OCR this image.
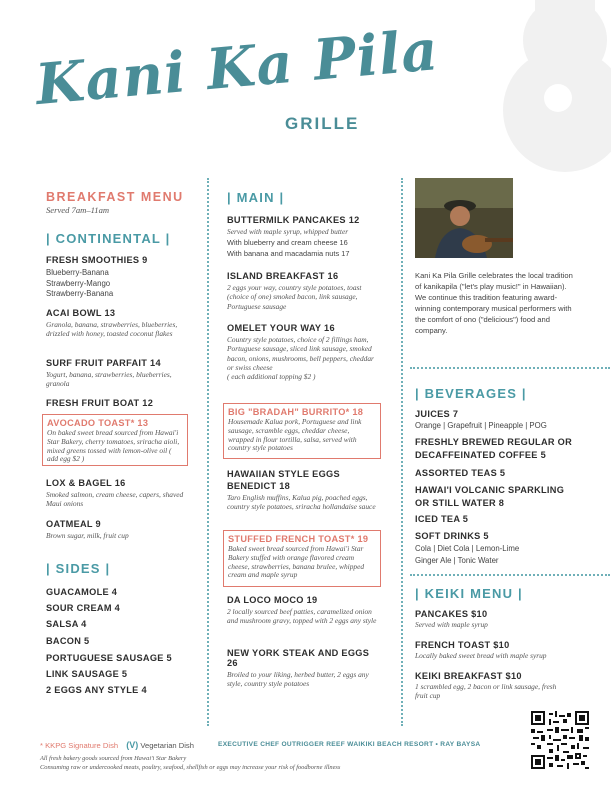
Kani Ka Pila
GRILLE
BREAKFAST MENU
Served 7am–11am
| CONTINENTAL |
FRESH SMOOTHIES 9
Blueberry-Banana
Strawberry-Mango
Strawberry-Banana
ACAI BOWL 13
Granola, banana, strawberries, blueberries, drizzled with honey, toasted coconut flakes
SURF FRUIT PARFAIT 14
Yogurt, banana, strawberries, blueberries, granola
FRESH FRUIT BOAT 12
AVOCADO TOAST* 13
On baked sweet bread sourced from Hawai'i Star Bakery, cherry tomatoes, sriracha aioli, mixed greens tossed with lemon-olive oil ( add egg $2 )
LOX & BAGEL 16
Smoked salmon, cream cheese, capers, shaved Maui onions
OATMEAL 9
Brown sugar, milk, fruit cup
| SIDES |
GUACAMOLE 4
SOUR CREAM 4
SALSA 4
BACON 5
PORTUGUESE SAUSAGE 5
LINK SAUSAGE 5
2 EGGS ANY STYLE 4
| MAIN |
BUTTERMILK PANCAKES 12
Served with maple syrup, whipped butter
With blueberry and cream cheese 16
With banana and macadamia nuts 17
ISLAND BREAKFAST 16
2 eggs your way, country style potatoes, toast (choice of one) smoked bacon, link sausage, Portuguese sausage
OMELET YOUR WAY 16
Country style potatoes, choice of 2 fillings ham, Portuguese sausage, sliced link sausage, smoked bacon, onions, mushrooms, bell peppers, cheddar or swiss cheese
( each additional topping $2 )
BIG "BRADAH" BURRITO* 18
Housemade Kalua pork, Portuguese and link sausage, scramble eggs, cheddar cheese, wrapped in flour tortilla, salsa, served with country style potatoes
HAWAIIAN STYLE EGGS BENEDICT 18
Taro English muffins, Kalua pig, poached eggs, country style potatoes, sriracha hollandaise sauce
STUFFED FRENCH TOAST* 19
Baked sweet bread sourced from Hawai'i Star Bakery stuffed with orange flavored cream cheese, strawberries, banana brulee, whipped cream and maple syrup
DA LOCO MOCO 19
2 locally sourced beef patties, caramelized onion and mushroom gravy, topped with 2 eggs any style
NEW YORK STEAK AND EGGS 26
Broiled to your liking, herbed butter, 2 eggs any style, country style potatoes
Kani Ka Pila Grille celebrates the local tradition of kanikapila ("let's play music!" in Hawaiian). We continue this tradition featuring award-winning contemporary musical performers with the comfort of ono ("delicious") food and company.
| BEVERAGES |
JUICES 7
Orange | Grapefruit | Pineapple | POG
FRESHLY BREWED REGULAR OR DECAFFEINATED COFFEE 5
ASSORTED TEAS 5
HAWAI'I VOLCANIC SPARKLING OR STILL WATER 8
ICED TEA 5
SOFT DRINKS 5
Cola | Diet Cola | Lemon-Lime
Ginger Ale | Tonic Water
| KEIKI MENU |
PANCAKES $10
Served with maple syrup
FRENCH TOAST $10
Locally baked sweet bread with maple syrup
KEIKI BREAKFAST $10
1 scrambled egg, 2 bacon or link sausage, fresh fruit cup
* KKPG Signature Dish (V) Vegetarian Dish	EXECUTIVE CHEF OUTRIGGER REEF WAIKIKI BEACH RESORT • RAY BAYSA
All fresh bakery goods sourced from Hawai'i Star Bakery
Consuming raw or undercooked meats, poultry, seafood, shellfish or eggs may increase your risk of foodborne illness
